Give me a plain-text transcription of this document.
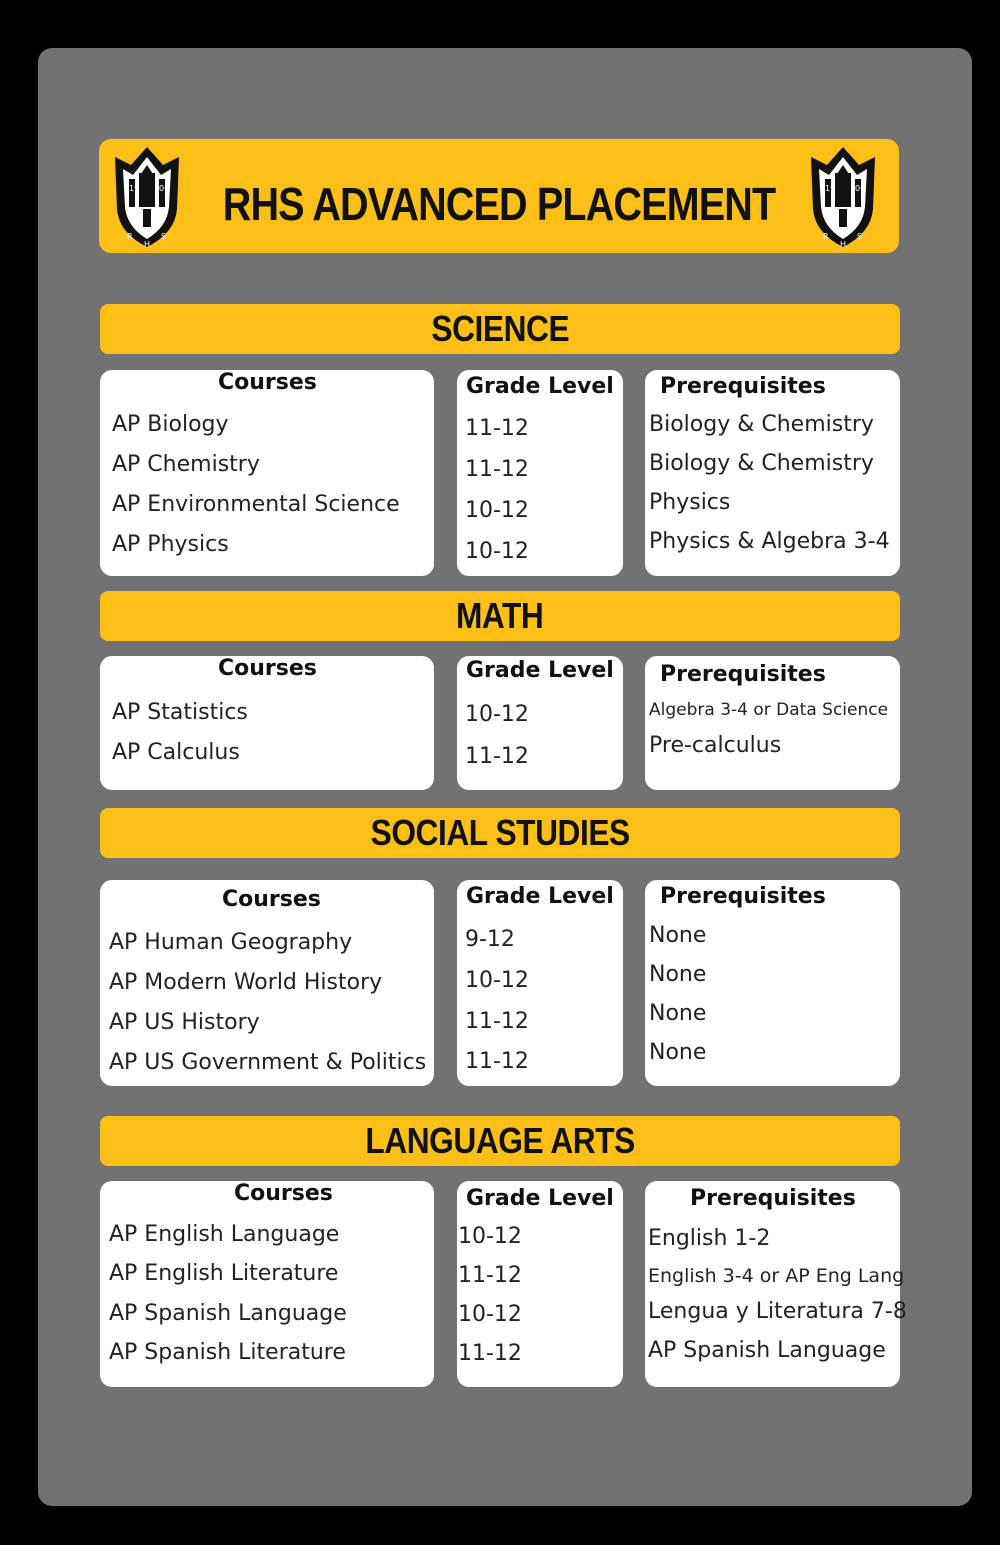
19 06
R
H
S
RHS ADVANCED PLACEMENT	19 06
R
H
S
SCIENCE
Courses
AP Biology
AP Chemistry
AP Environmental Science
AP Physics
Grade Level
11-12
11-12
10-12
10-12
Prerequisites
Biology & Chemistry
Biology & Chemistry
Physics
Physics & Algebra 3-4
MATH
Courses
AP Statistics
AP Calculus
Grade Level
10-12
11-12
Prerequisites
Algebra 3-4 or Data Science
Pre-calculus
SOCIAL STUDIES
Courses
AP Human Geography
AP Modern World History
AP US History
AP US Government & Politics
Grade Level
9-12
10-12
11-12
11-12
Prerequisites
None
None
None
None
LANGUAGE ARTS
Courses
AP English Language
AP English Literature
AP Spanish Language
AP Spanish Literature
Grade Level
10-12
11-12
10-12
11-12
Prerequisites
English 1-2
English 3-4 or AP Eng Lang
Lengua y Literatura 7-8
AP Spanish Language
